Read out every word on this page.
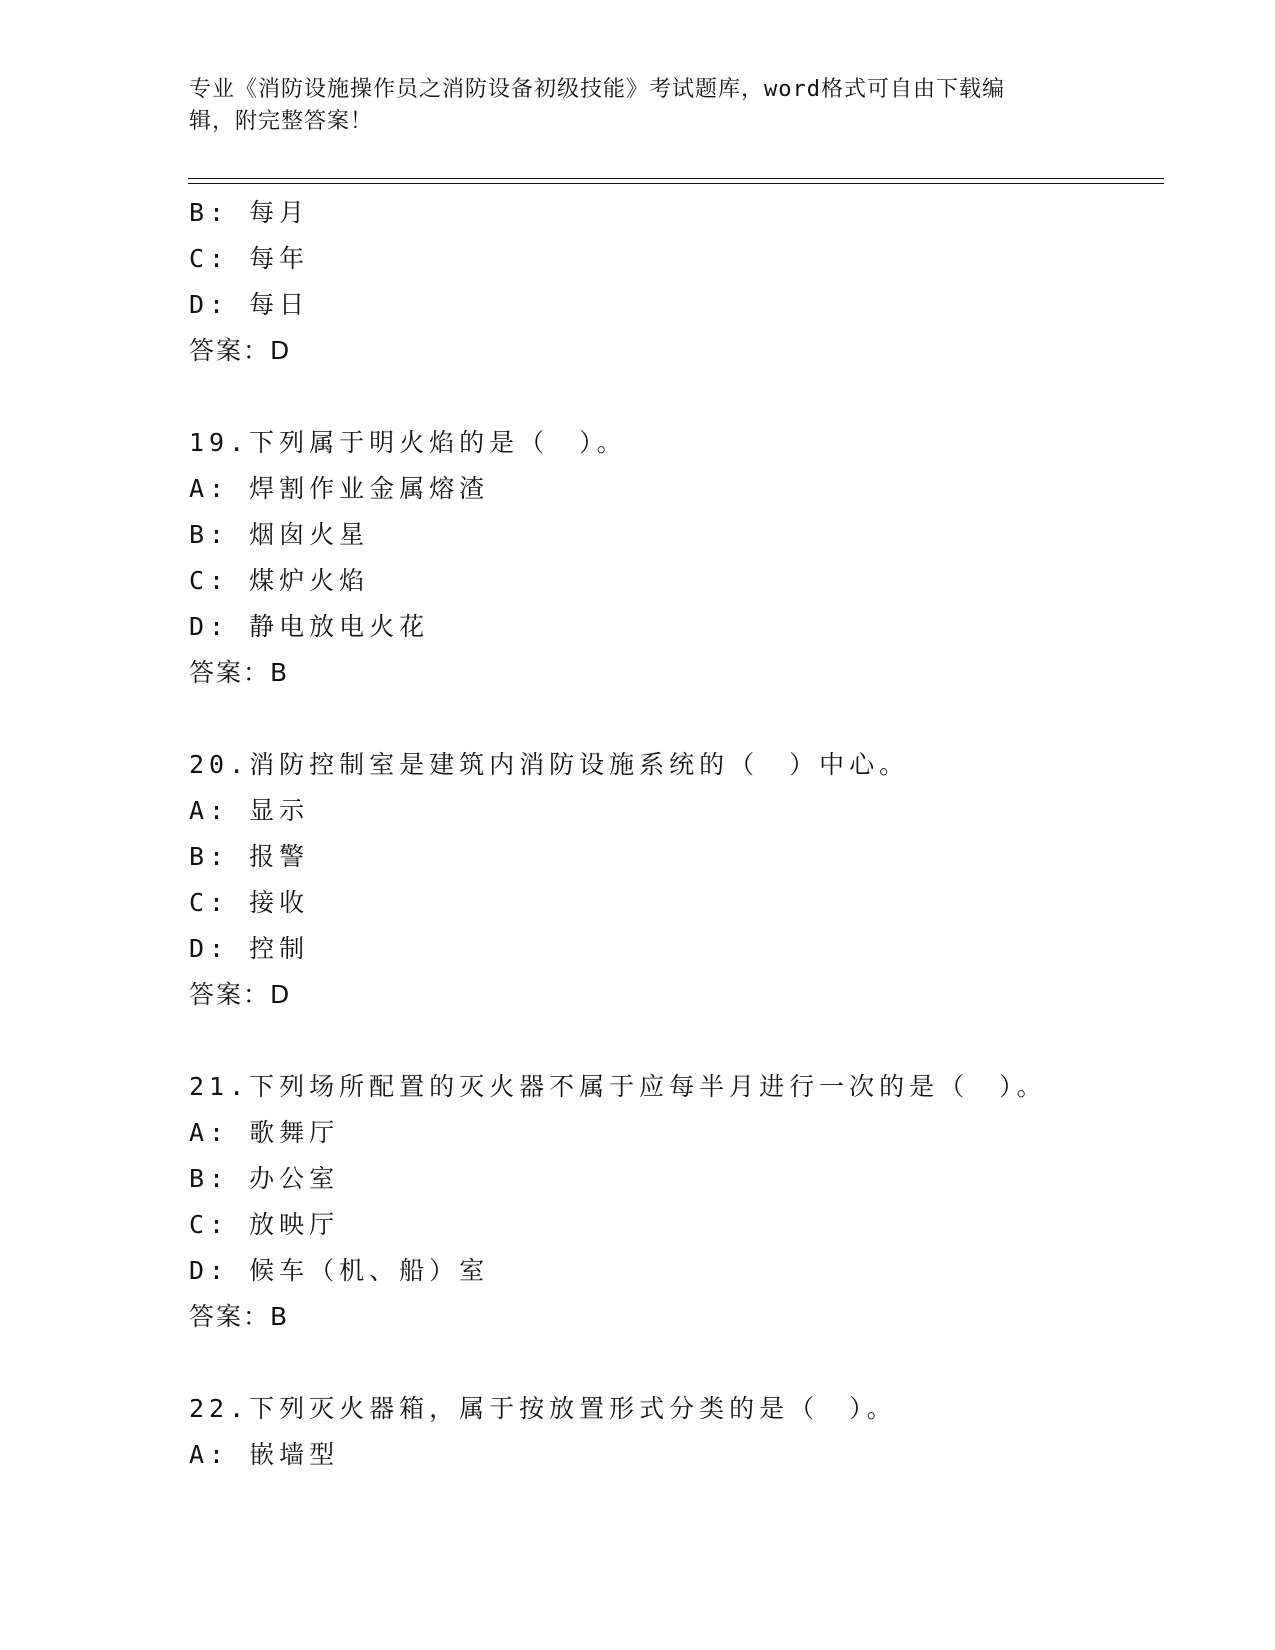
专业《消防设施操作员之消防设备初级技能》考试题库，word格式可自由下载编
辑，附完整答案！
B: 每月
C: 每年
D: 每日
答案：D
19.下列属于明火焰的是（　）。
A: 焊割作业金属熔渣
B: 烟囱火星
C: 煤炉火焰
D: 静电放电火花
答案：B
20.消防控制室是建筑内消防设施系统的（　）中心。
A: 显示
B: 报警
C: 接收
D: 控制
答案：D
21.下列场所配置的灭火器不属于应每半月进行一次的是（　）。
A: 歌舞厅
B: 办公室
C: 放映厅
D: 候车（机、船）室
答案：B
22.下列灭火器箱，属于按放置形式分类的是（　）。
A: 嵌墙型
